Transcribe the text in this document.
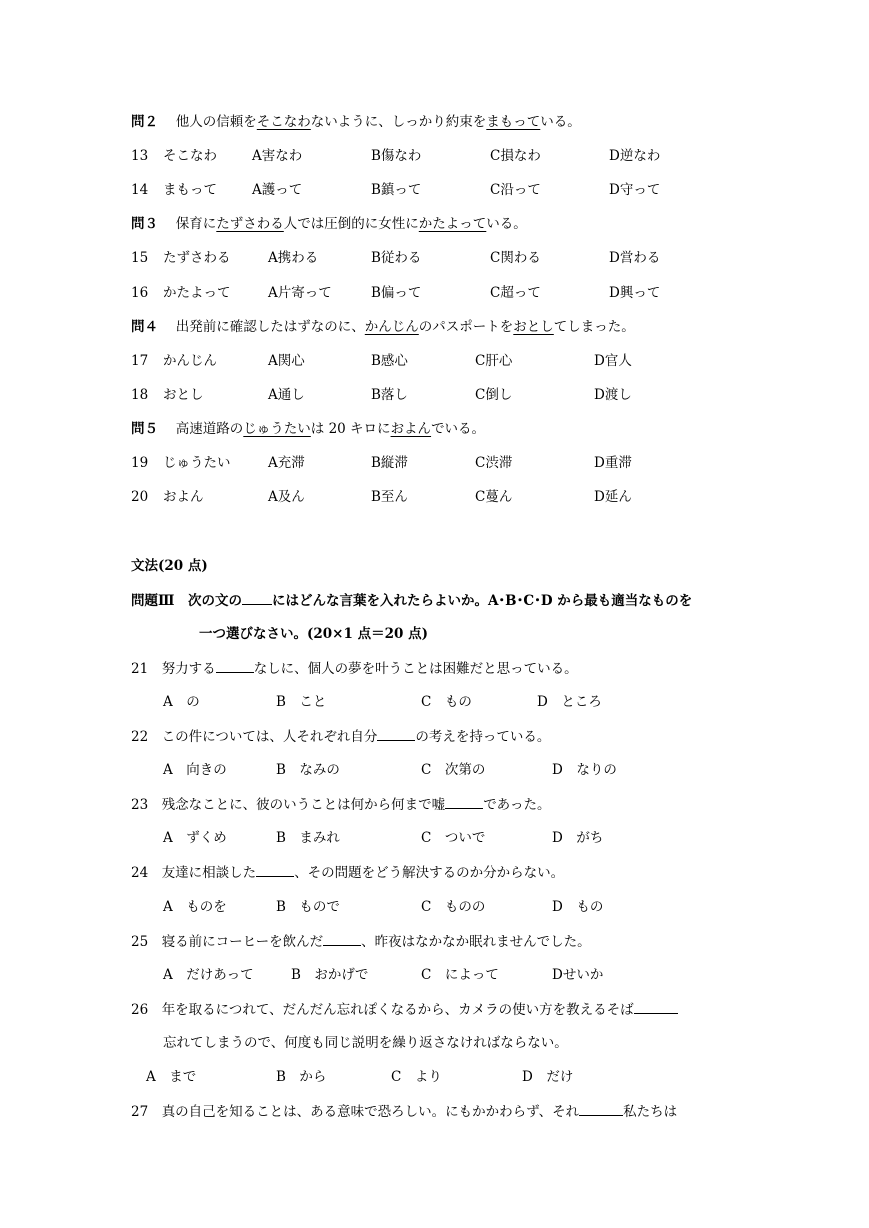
問２　 他人の信頼をそこなわないように、しっかり約束をまもっている。
13 そこなわ	A害なわ	B傷なわ	C損なわ	D逆なわ
14 まもって	A護って	B鎮って	C沿って	D守って
問３　 保育にたずさわる人では圧倒的に女性にかたよっている。
15 たずさわる	A携わる	B従わる	C関わる	D営わる
16 かたよって	A片寄って	B偏って	C超って	D興って
問４　 出発前に確認したはずなのに、かんじんのパスポートをおとしてしまった。
17 かんじん	A関心	B感心	C肝心	D官人
18 おとし	A通し	B落し	C倒し	D渡し
問５　 高速道路のじゅうたいは 20 キロにおよんでいる。
19 じゅうたい	A充滞	B縦滞	C渋滞	D重滞
20 およん	A及ん	B至ん	C蔓ん	D延ん
文法(20 点)
問題Ⅲ　次の文の にはどんな言葉を入れたらよいか。A･B･C･D から最も適当なものを
一つ選びなさい。(20×1 点＝20 点)
21　 努力する	なしに、個人の夢を叶うことは困難だと思っている。
A　の	B　こと	C　もの	D　ところ
22　 この件については、人それぞれ自分	の考えを持っている。
A　向きの	B　なみの	C　次第の	D　なりの
23　 残念なことに、彼のいうことは何から何まで嘘	であった。
A　ずくめ	B　まみれ	C　ついで	D　がち
24　 友達に相談した	、その問題をどう解決するのか分からない。
A　ものを	B　もので	C　ものの	D　もの
25　 寝る前にコーヒーを飲んだ	、昨夜はなかなか眠れませんでした。
A　だけあって	B　おかげで	C　によって	Dせいか
26　 年を取るにつれて、だんだん忘れぽくなるから、カメラの使い方を教えるそば
忘れてしまうので、何度も同じ説明を繰り返さなければならない。
A　まで	B　から	C　より	D　だけ
27　 真の自己を知ることは、ある意味で恐ろしい。にもかかわらず、それ	私たちは
